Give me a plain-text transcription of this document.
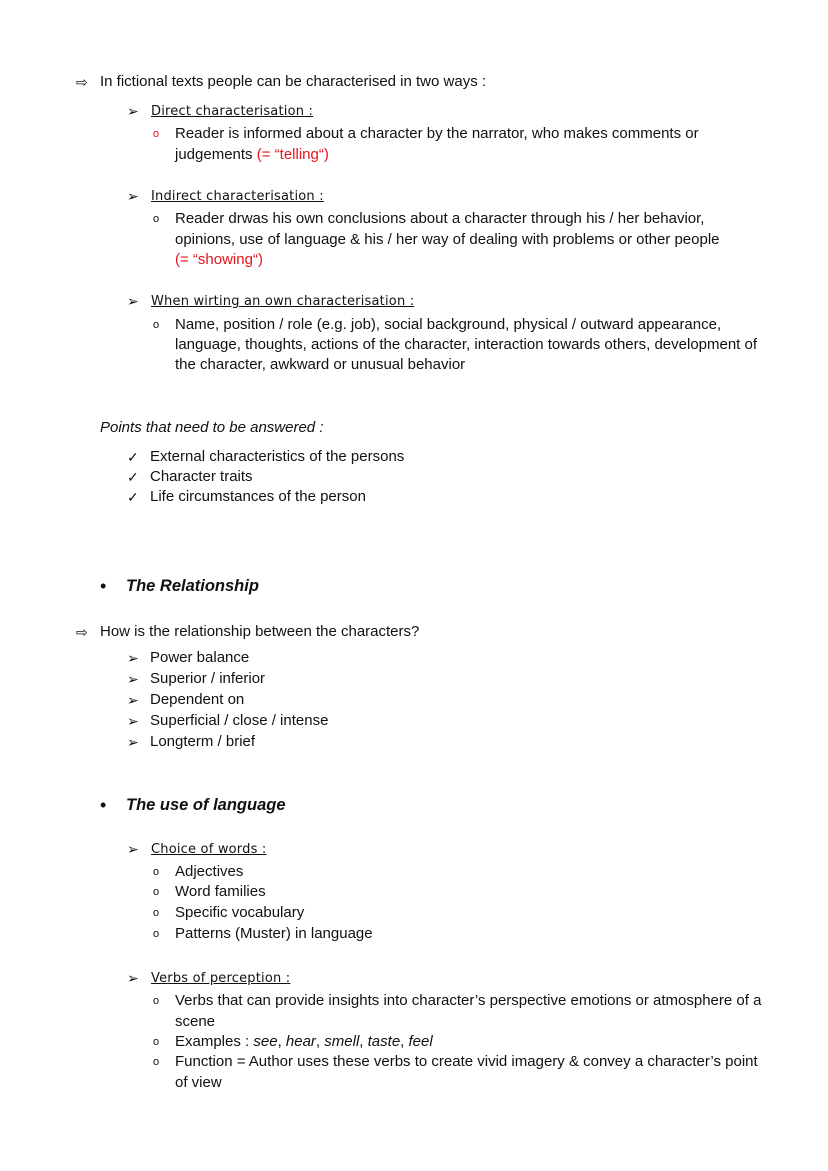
⇨ In fictional texts people can be characterised in two ways :
➢ Direct characterisation :
o Reader is informed about a character by the narrator, who makes comments or
judgements (= “telling“)
➢ Indirect characterisation :
o Reader drwas his own conclusions about a character through his / her behavior,
opinions, use of language & his / her way of dealing with problems or other people
(= “showing“)
➢ When wirting an own characterisation :
o Name, position / role (e.g. job), social background, physical / outward appearance,
language, thoughts, actions of the character, interaction towards others, development of
the character, awkward or unusual behavior
Points that need to be answered :
✓ External characteristics of the persons
✓ Character traits
✓ Life circumstances of the person
• The Relationship
⇨ How is the relationship between the characters?
➢ Power balance
➢ Superior / inferior
➢ Dependent on
➢ Superficial / close / intense
➢ Longterm / brief
• The use of language
➢ Choice of words :
o Adjectives
o Word families
o Specific vocabulary
o Patterns (Muster) in language
➢ Verbs of perception :
o Verbs that can provide insights into character’s perspective emotions or atmosphere of a
scene
o Examples : see, hear, smell, taste, feel
o Function = Author uses these verbs to create vivid imagery & convey a character’s point
of view
